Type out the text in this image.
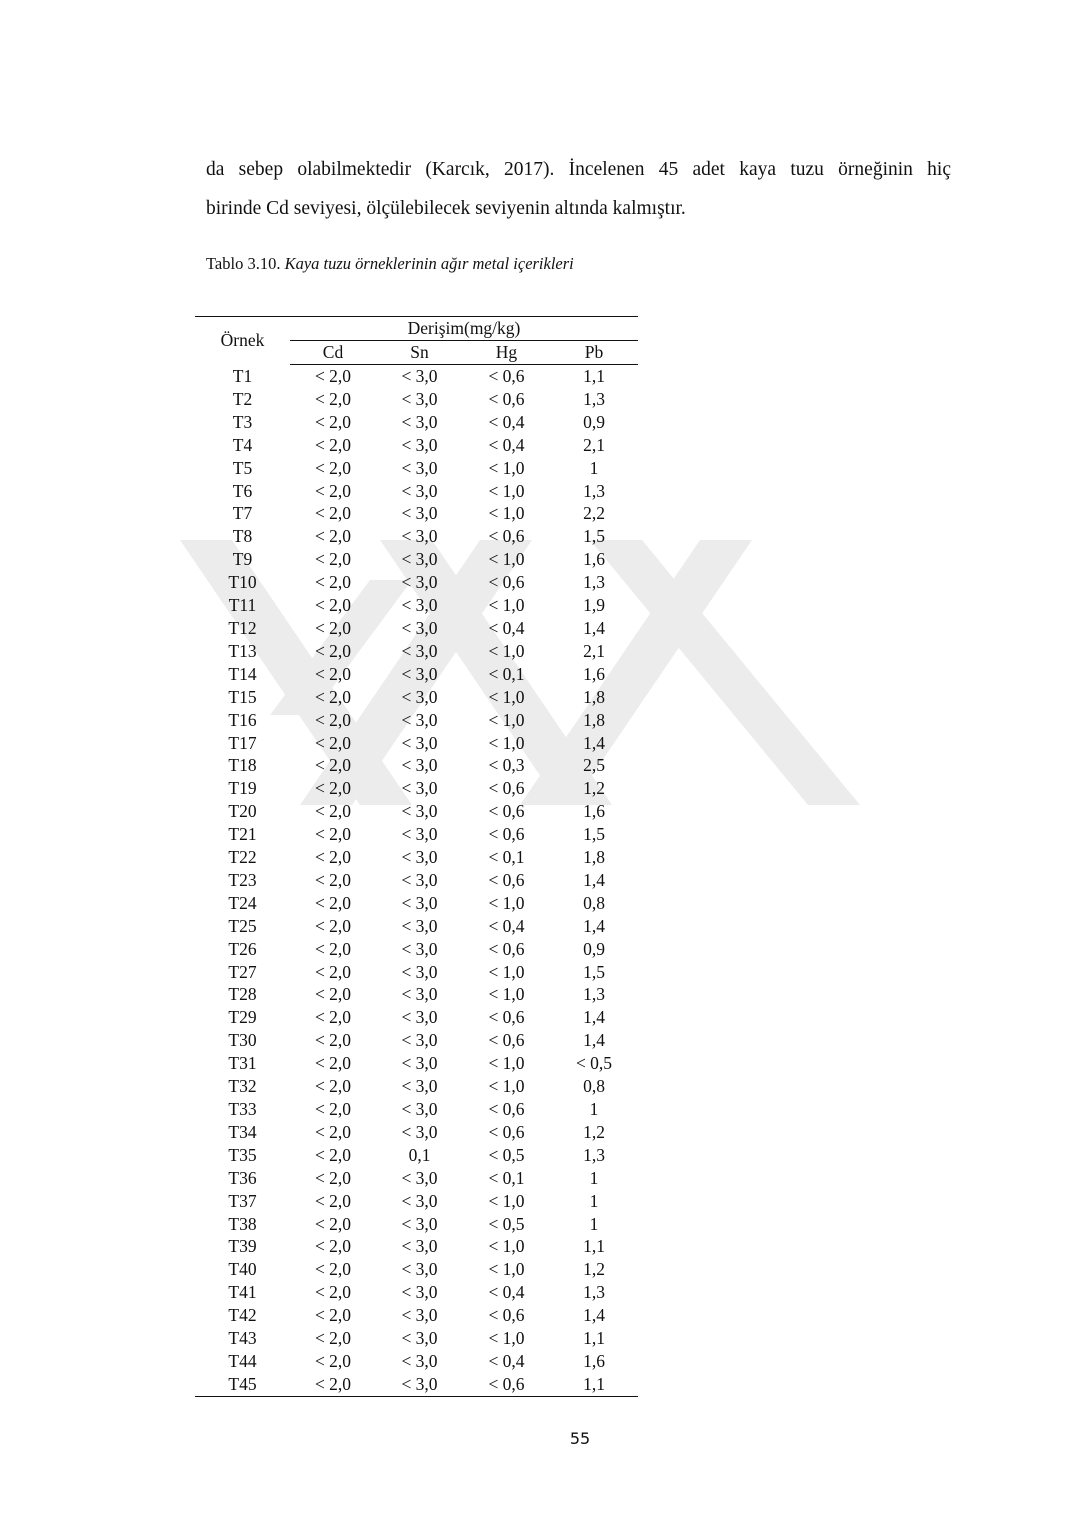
da sebep olabilmektedir (Karcık, 2017). İncelenen 45 adet kaya tuzu örneğinin hiç
birinde Cd seviyesi, ölçülebilecek seviyenin altında kalmıştır.
Tablo 3.10. Kaya tuzu örneklerinin ağır metal içerikleri
Örnek	Derişim(mg/kg)			
	Cd	Sn	Hg	Pb
T1	< 2,0	< 3,0	< 0,6	1,1
T2	< 2,0	< 3,0	< 0,6	1,3
T3	< 2,0	< 3,0	< 0,4	0,9
T4	< 2,0	< 3,0	< 0,4	2,1
T5	< 2,0	< 3,0	< 1,0	1
T6	< 2,0	< 3,0	< 1,0	1,3
T7	< 2,0	< 3,0	< 1,0	2,2
T8	< 2,0	< 3,0	< 0,6	1,5
T9	< 2,0	< 3,0	< 1,0	1,6
T10	< 2,0	< 3,0	< 0,6	1,3
T11	< 2,0	< 3,0	< 1,0	1,9
T12	< 2,0	< 3,0	< 0,4	1,4
T13	< 2,0	< 3,0	< 1,0	2,1
T14	< 2,0	< 3,0	< 0,1	1,6
T15	< 2,0	< 3,0	< 1,0	1,8
T16	< 2,0	< 3,0	< 1,0	1,8
T17	< 2,0	< 3,0	< 1,0	1,4
T18	< 2,0	< 3,0	< 0,3	2,5
T19	< 2,0	< 3,0	< 0,6	1,2
T20	< 2,0	< 3,0	< 0,6	1,6
T21	< 2,0	< 3,0	< 0,6	1,5
T22	< 2,0	< 3,0	< 0,1	1,8
T23	< 2,0	< 3,0	< 0,6	1,4
T24	< 2,0	< 3,0	< 1,0	0,8
T25	< 2,0	< 3,0	< 0,4	1,4
T26	< 2,0	< 3,0	< 0,6	0,9
T27	< 2,0	< 3,0	< 1,0	1,5
T28	< 2,0	< 3,0	< 1,0	1,3
T29	< 2,0	< 3,0	< 0,6	1,4
T30	< 2,0	< 3,0	< 0,6	1,4
T31	< 2,0	< 3,0	< 1,0	< 0,5
T32	< 2,0	< 3,0	< 1,0	0,8
T33	< 2,0	< 3,0	< 0,6	1
T34	< 2,0	< 3,0	< 0,6	1,2
T35	< 2,0	0,1	< 0,5	1,3
T36	< 2,0	< 3,0	< 0,1	1
T37	< 2,0	< 3,0	< 1,0	1
T38	< 2,0	< 3,0	< 0,5	1
T39	< 2,0	< 3,0	< 1,0	1,1
T40	< 2,0	< 3,0	< 1,0	1,2
T41	< 2,0	< 3,0	< 0,4	1,3
T42	< 2,0	< 3,0	< 0,6	1,4
T43	< 2,0	< 3,0	< 1,0	1,1
T44	< 2,0	< 3,0	< 0,4	1,6
T45	< 2,0	< 3,0	< 0,6	1,1
55
